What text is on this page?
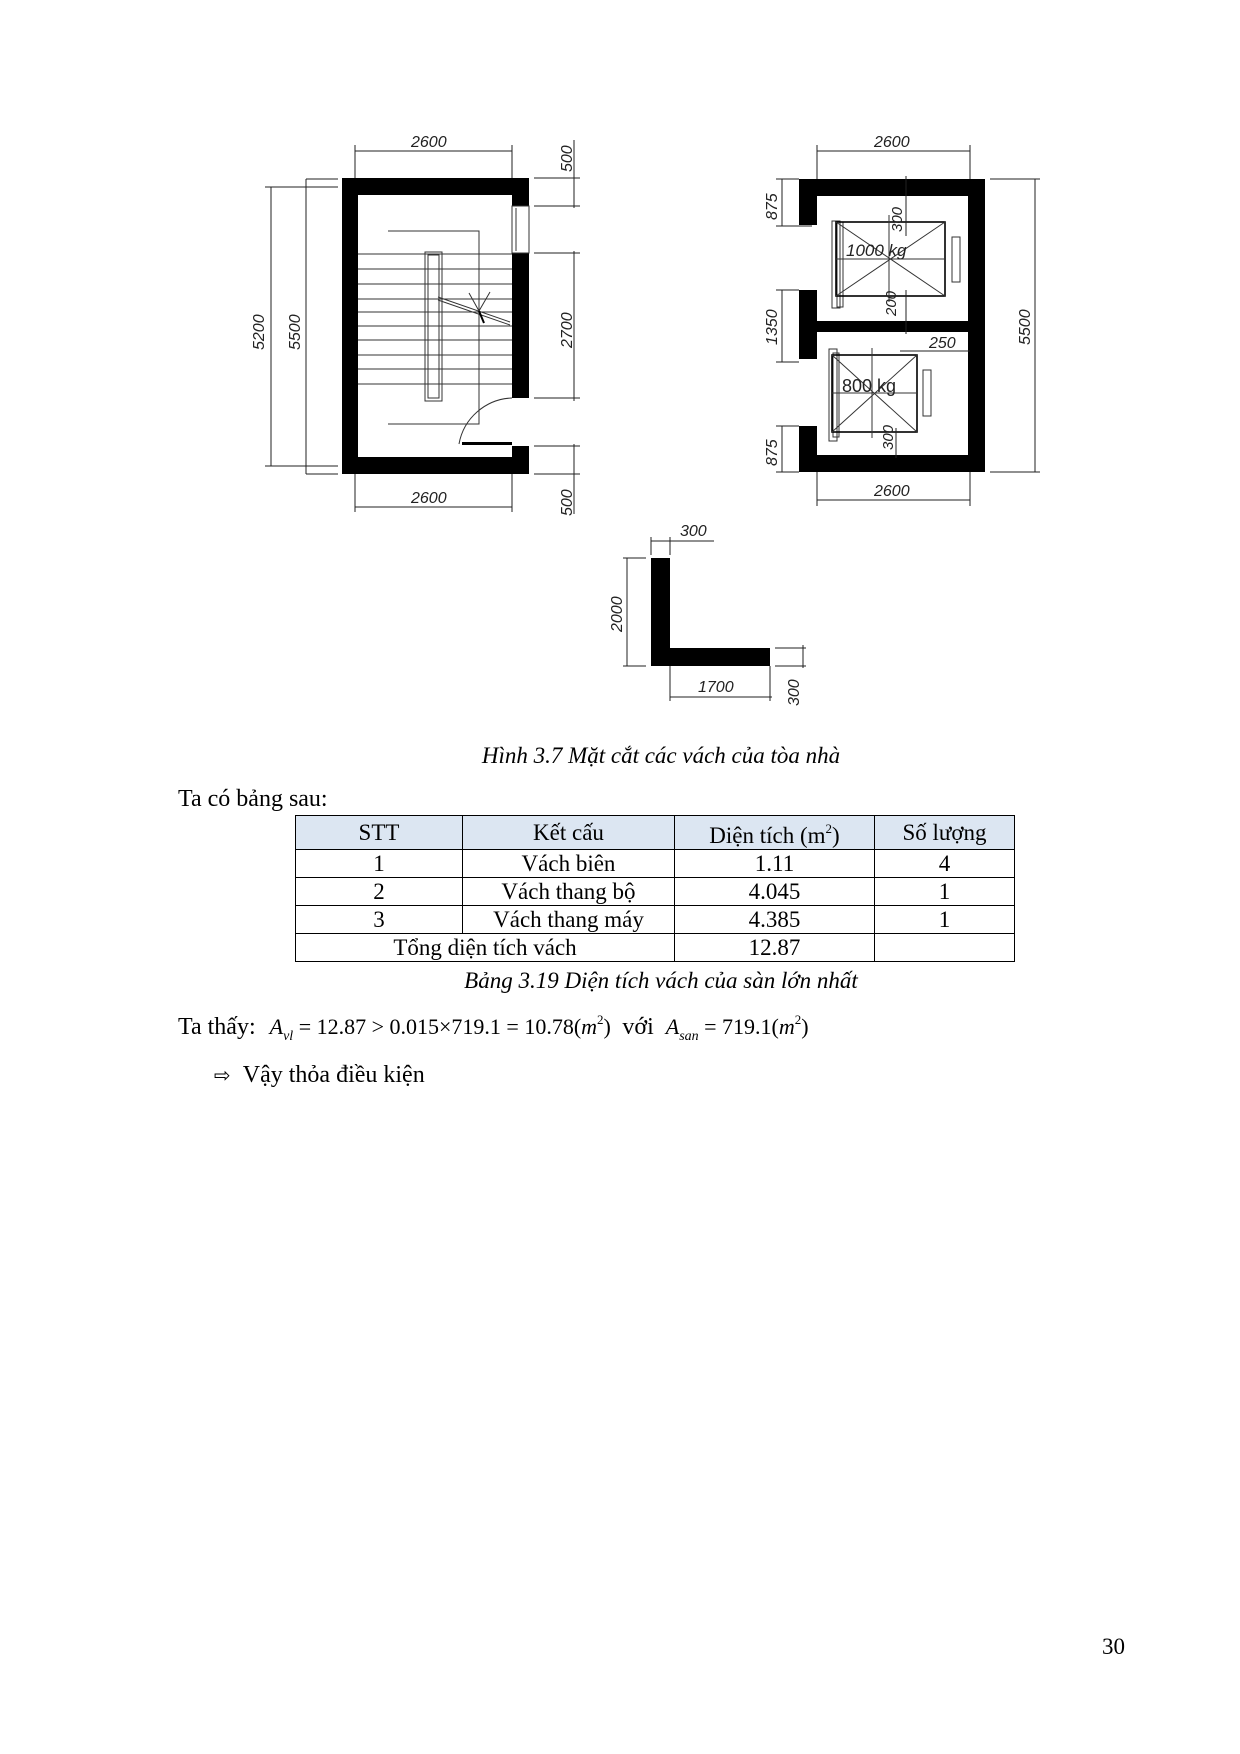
2600
2600
5200 5500
500
2700
500
1000 kg
800 kg
2600
2600
5500
875
1350
875
300
200
250
300
300
2000
1700	300
Hình 3.7 Mặt cắt các vách của tòa nhà
Ta có bảng sau:
STT	Kết cấu	Diện tích $(m^2)$	Số lượng
1	Vách biên	1.11	4
2	Vách thang bộ	4.045	1
3	Vách thang máy	4.385	1
Tổng diện tích vách		12.87	
Bảng 3.19 Diện tích vách của sàn lớn nhất
Ta thấy: $A_{vl} = 12.87 > 0.015\times 719.1 = 10.78(m^2)$ với $A_{san} = 719.1(m^2)$
⇨ Vậy thỏa điều kiện
30
